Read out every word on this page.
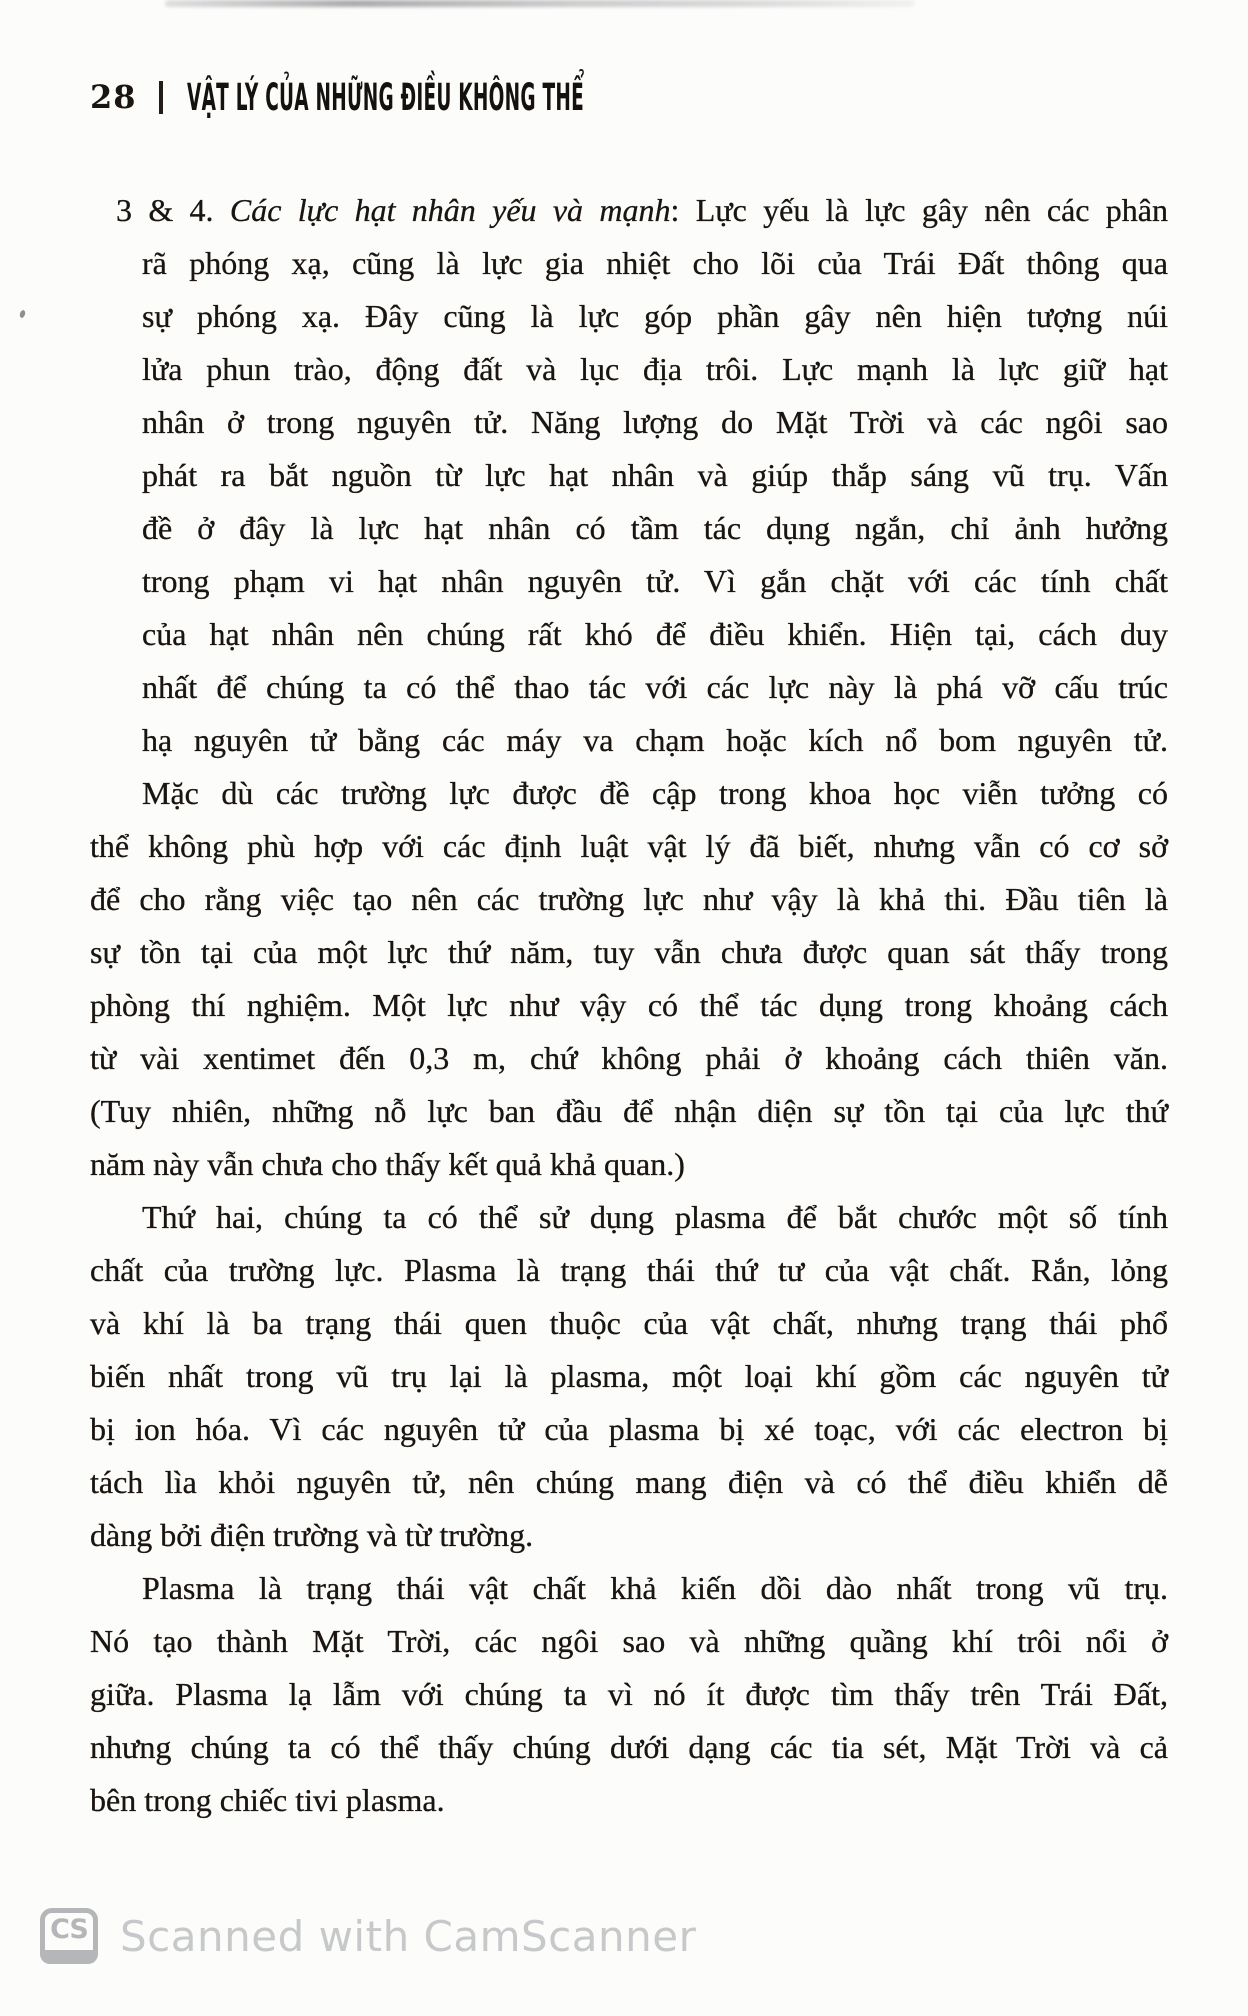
28 VẬT LÝ CỦA NHỮNG ĐIỀU KHÔNG THỂ
3 & 4. Các lực hạt nhân yếu và mạnh: Lực yếu là lực gây nên các phân
rã phóng xạ, cũng là lực gia nhiệt cho lõi của Trái Đất thông qua
sự phóng xạ. Đây cũng là lực góp phần gây nên hiện tượng núi
lửa phun trào, động đất và lục địa trôi. Lực mạnh là lực giữ hạt
nhân ở trong nguyên tử. Năng lượng do Mặt Trời và các ngôi sao
phát ra bắt nguồn từ lực hạt nhân và giúp thắp sáng vũ trụ. Vấn
đề ở đây là lực hạt nhân có tầm tác dụng ngắn, chỉ ảnh hưởng
trong phạm vi hạt nhân nguyên tử. Vì gắn chặt với các tính chất
của hạt nhân nên chúng rất khó để điều khiển. Hiện tại, cách duy
nhất để chúng ta có thể thao tác với các lực này là phá vỡ cấu trúc
hạ nguyên tử bằng các máy va chạm hoặc kích nổ bom nguyên tử.
Mặc dù các trường lực được đề cập trong khoa học viễn tưởng có
thể không phù hợp với các định luật vật lý đã biết, nhưng vẫn có cơ sở
để cho rằng việc tạo nên các trường lực như vậy là khả thi. Đầu tiên là
sự tồn tại của một lực thứ năm, tuy vẫn chưa được quan sát thấy trong
phòng thí nghiệm. Một lực như vậy có thể tác dụng trong khoảng cách
từ vài xentimet đến 0,3 m, chứ không phải ở khoảng cách thiên văn.
(Tuy nhiên, những nỗ lực ban đầu để nhận diện sự tồn tại của lực thứ
năm này vẫn chưa cho thấy kết quả khả quan.)
Thứ hai, chúng ta có thể sử dụng plasma để bắt chước một số tính
chất của trường lực. Plasma là trạng thái thứ tư của vật chất. Rắn, lỏng
và khí là ba trạng thái quen thuộc của vật chất, nhưng trạng thái phổ
biến nhất trong vũ trụ lại là plasma, một loại khí gồm các nguyên tử
bị ion hóa. Vì các nguyên tử của plasma bị xé toạc, với các electron bị
tách lìa khỏi nguyên tử, nên chúng mang điện và có thể điều khiển dễ
dàng bởi điện trường và từ trường.
Plasma là trạng thái vật chất khả kiến dồi dào nhất trong vũ trụ.
Nó tạo thành Mặt Trời, các ngôi sao và những quầng khí trôi nổi ở
giữa. Plasma lạ lẫm với chúng ta vì nó ít được tìm thấy trên Trái Đất,
nhưng chúng ta có thể thấy chúng dưới dạng các tia sét, Mặt Trời và cả
bên trong chiếc tivi plasma.
CS Scanned with CamScanner
